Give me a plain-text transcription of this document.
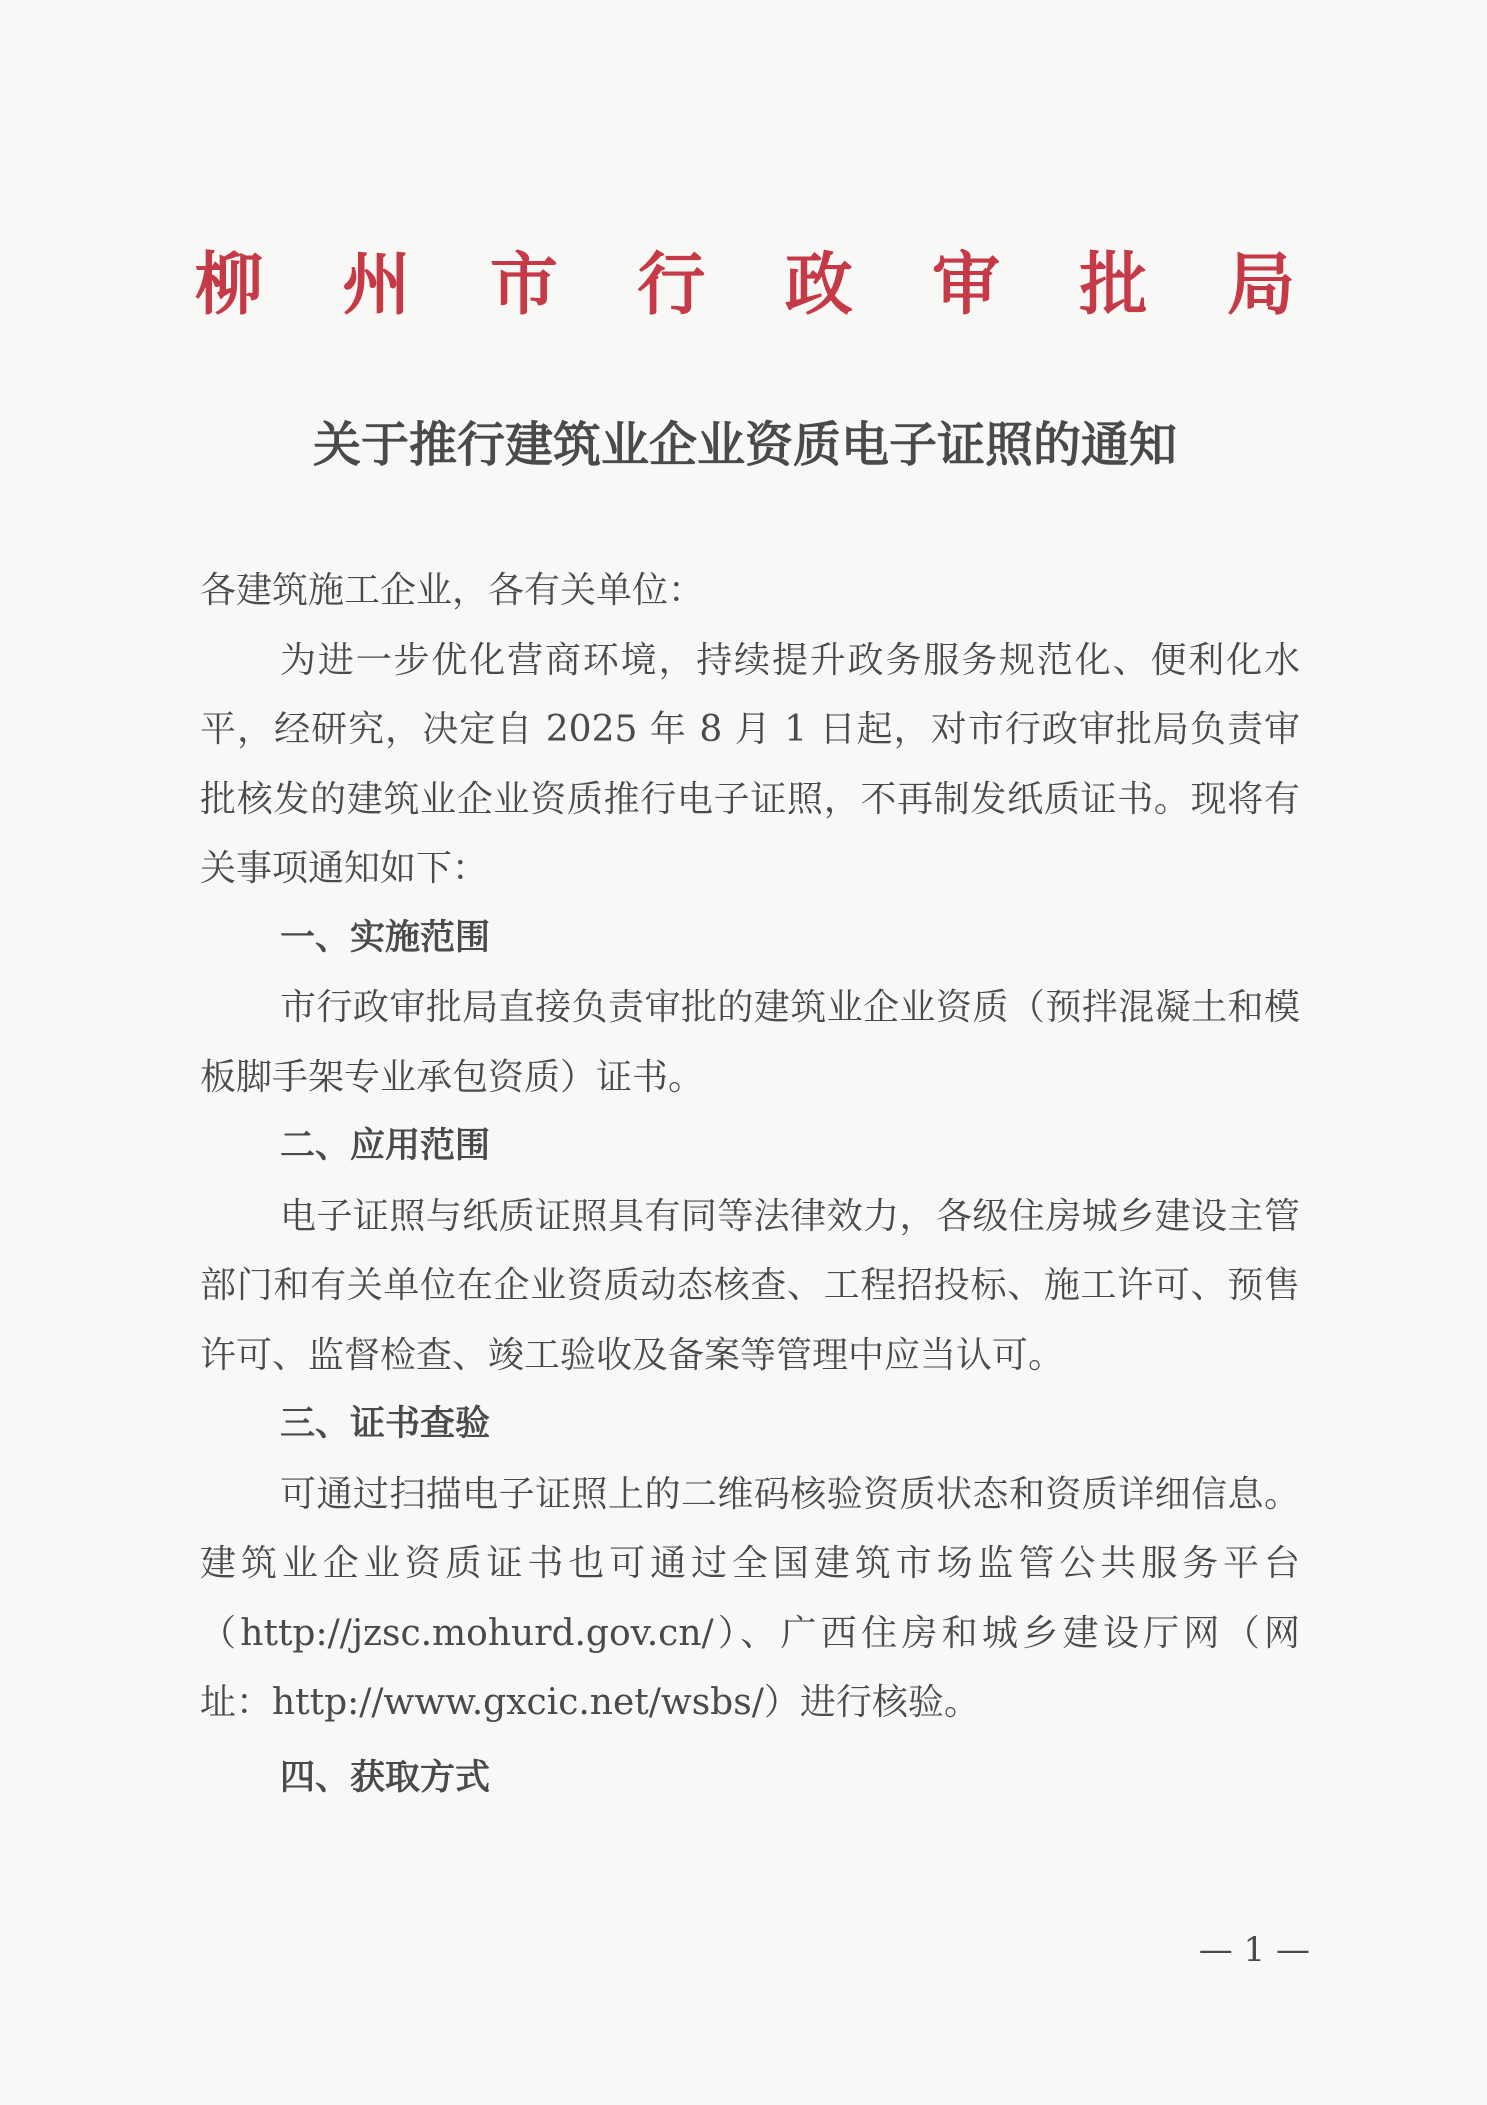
柳 州 市 行 政 审 批 局
关于推行建筑业企业资质电子证照的通知

各建筑施工企业，各有关单位：

为进一步优化营商环境，持续提升政务服务规范化、便利化水平，经研究，决定自 2025 年 8 月 1 日起，对市行政审批局负责审批核发的建筑业企业资质推行电子证照，不再制发纸质证书。现将有关事项通知如下：

一、实施范围

市行政审批局直接负责审批的建筑业企业资质（预拌混凝土和模板脚手架专业承包资质）证书。

二、应用范围

电子证照与纸质证照具有同等法律效力，各级住房城乡建设主管部门和有关单位在企业资质动态核查、工程招投标、施工许可、预售许可、监督检查、竣工验收及备案等管理中应当认可。

三、证书查验

可通过扫描电子证照上的二维码核验资质状态和资质详细信息。建筑业企业资质证书也可通过全国建筑市场监管公共服务平台（http://jzsc.mohurd.gov.cn/）、广西住房和城乡建设厅网（网址：http://www.gxcic.net/wsbs/）进行核验。

四、获取方式

— 1 —
